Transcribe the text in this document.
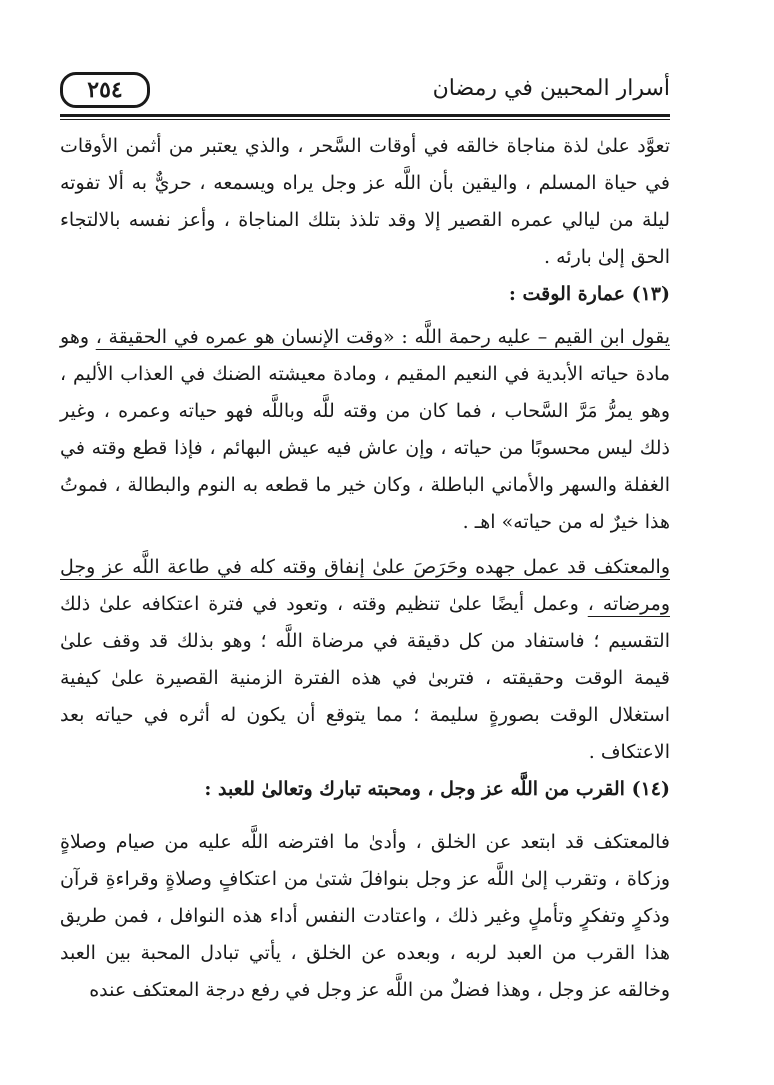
أسرار المحبين في رمضان
٢٥٤

تعوَّد علىٰ لذة مناجاة خالقه في أوقات السَّحر ، والذي يعتبر من أثمن الأوقات في حياة المسلم ، واليقين بأن اللَّه عز وجل يراه ويسمعه ، حريٌّ به ألا تفوته ليلة من ليالي عمره القصير إلا وقد تلذذ بتلك المناجاة ، وأعز نفسه بالالتجاء الحق إلىٰ بارئه .

(١٣) عمارة الوقت :

يقول ابن القيم – عليه رحمة اللَّه : «وقت الإنسان هو عمره في الحقيقة ، وهو مادة حياته الأبدية في النعيم المقيم ، ومادة معيشته الضنك في العذاب الأليم ، وهو يمرُّ مَرَّ السَّحاب ، فما كان من وقته للَّه وباللَّه فهو حياته وعمره ، وغير ذلك ليس محسوبًا من حياته ، وإن عاش فيه عيش البهائم ، فإذا قطع وقته في الغفلة والسهر والأماني الباطلة ، وكان خير ما قطعه به النوم والبطالة ، فموتُ هذا خيرٌ له من حياته» اهـ .

والمعتكف قد عمل جهده وحَرَصَ علىٰ إنفاق وقته كله في طاعة اللَّه عز وجل ومرضاته ، وعمل أيضًا علىٰ تنظيم وقته ، وتعود في فترة اعتكافه علىٰ ذلك التقسيم ؛ فاستفاد من كل دقيقة في مرضاة اللَّه ؛ وهو بذلك قد وقف علىٰ قيمة الوقت وحقيقته ، فتربىٰ في هذه الفترة الزمنية القصيرة علىٰ كيفية استغلال الوقت بصورةٍ سليمة ؛ مما يتوقع أن يكون له أثره في حياته بعد الاعتكاف .

(١٤) القرب من اللَّه عز وجل ، ومحبته تبارك وتعالىٰ للعبد :

فالمعتكف قد ابتعد عن الخلق ، وأدىٰ ما افترضه اللَّه عليه من صيام وصلاةٍ وزكاة ، وتقرب إلىٰ اللَّه عز وجل بنوافلَ شتىٰ من اعتكافٍ وصلاةٍ وقراءةِ قرآن وذكرٍ وتفكرٍ وتأملٍ وغير ذلك ، واعتادت النفس أداء هذه النوافل ، فمن طريق هذا القرب من العبد لربه ، وبعده عن الخلق ، يأتي تبادل المحبة بين العبد وخالقه عز وجل ، وهذا فضلٌ من اللَّه عز وجل في رفع درجة المعتكف عنده
